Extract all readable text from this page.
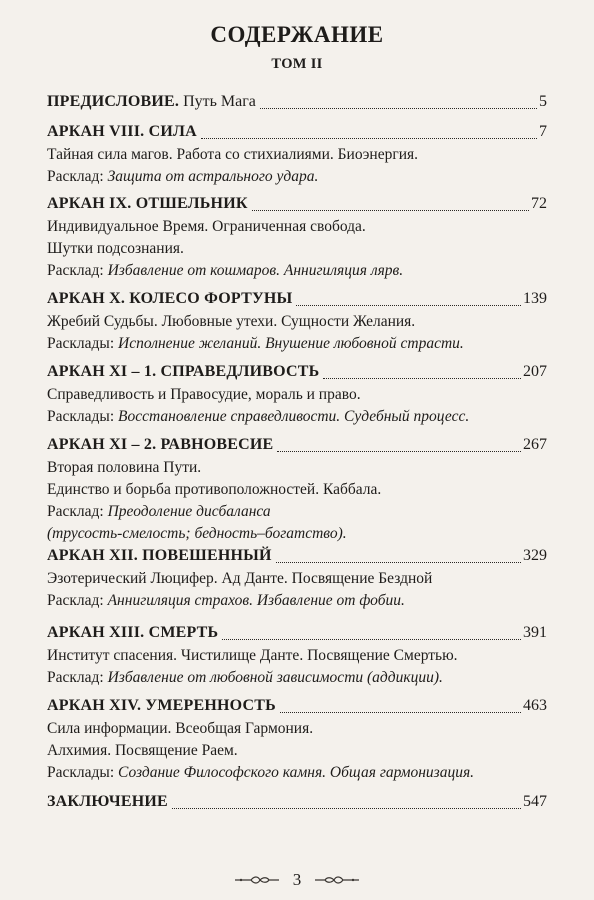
СОДЕРЖАНИЕ
ТОМ II
ПРЕДИСЛОВИЕ. Путь Мага	5
АРКАН VIII. СИЛА	7
Тайная сила магов. Работа со стихиалиями. Биоэнергия.
Расклад: Защита от астрального удара.
АРКАН IX. ОТШЕЛЬНИК	72
Индивидуальное Время. Ограниченная свобода.
Шутки подсознания.
Расклад: Избавление от кошмаров. Аннигиляция лярв.
АРКАН X. КОЛЕСО ФОРТУНЫ	139
Жребий Судьбы. Любовные утехи. Сущности Желания.
Расклады: Исполнение желаний. Внушение любовной страсти.
АРКАН XI – 1. СПРАВЕДЛИВОСТЬ	207
Справедливость и Правосудие, мораль и право.
Расклады: Восстановление справедливости. Судебный процесс.
АРКАН XI – 2. РАВНОВЕСИЕ	267
Вторая половина Пути.
Единство и борьба противоположностей. Каббала.
Расклад: Преодоление дисбаланса
(трусость-смелость; бедность–богатство).
АРКАН XII. ПОВЕШЕННЫЙ	329
Эзотерический Люцифер. Ад Данте. Посвящение Бездной
Расклад: Аннигиляция страхов. Избавление от фобии.
АРКАН XIII. СМЕРТЬ	391
Институт спасения. Чистилище Данте. Посвящение Смертью.
Расклад: Избавление от любовной зависимости (аддикции).
АРКАН XIV. УМЕРЕННОСТЬ	463
Сила информации. Всеобщая Гармония.
Алхимия. Посвящение Раем.
Расклады: Создание Философского камня. Общая гармонизация.
ЗАКЛЮЧЕНИЕ	547
3
